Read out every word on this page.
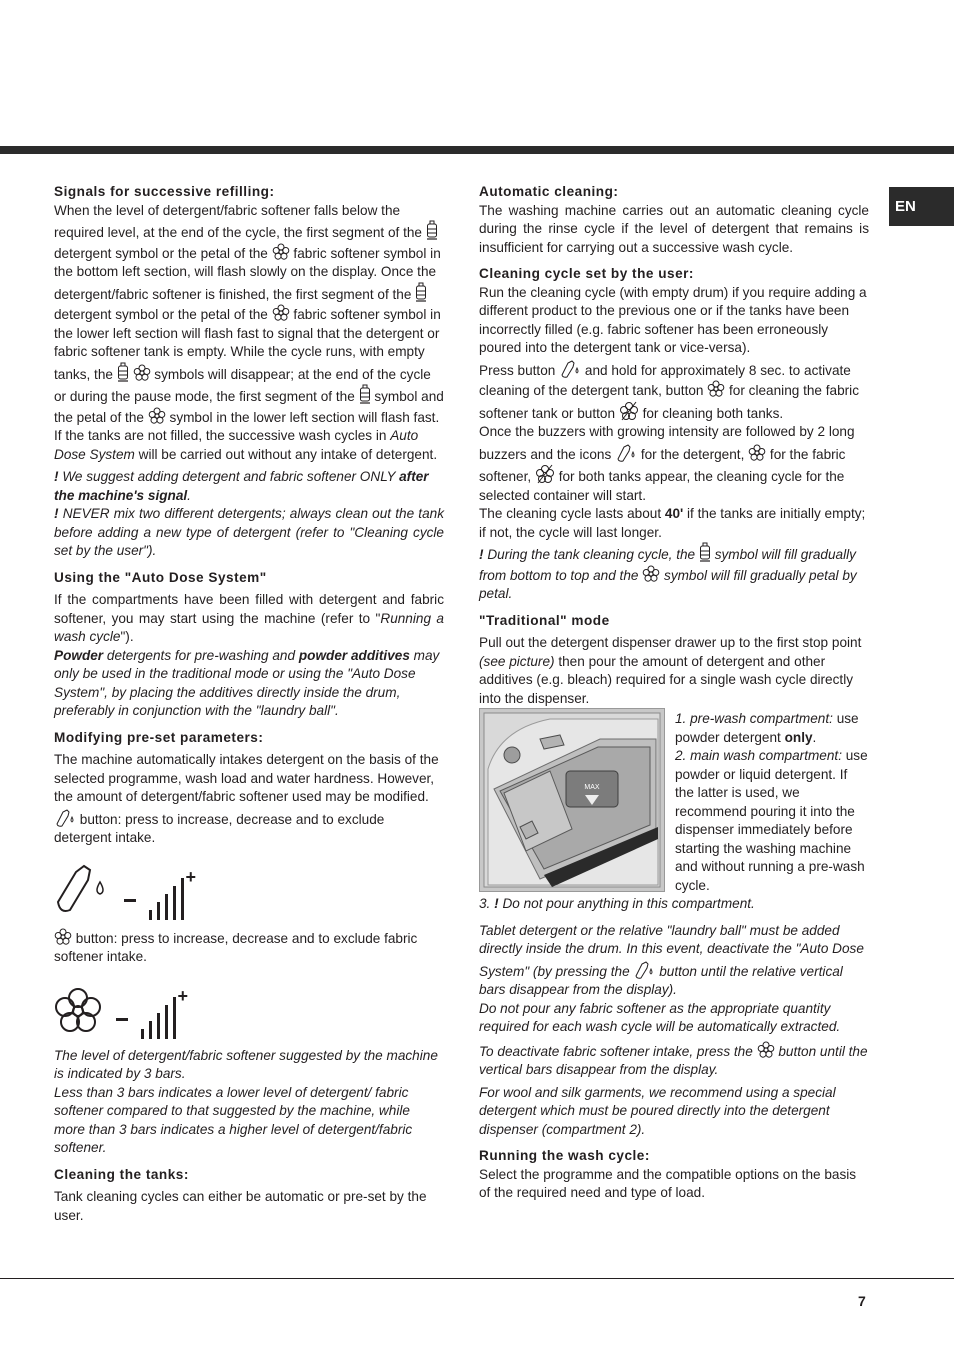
EN
Signals for successive refilling:

When the level of detergent/fabric softener falls below the required level, at the end of the cycle, the first segment of the
detergent symbol or the petal of the fabric softener symbol in the bottom left section, will flash slowly on the display. Once the detergent/fabric softener is finished, the first segment of the
detergent symbol or the petal of the fabric softener symbol in the lower left section will flash fast to signal that the detergent or fabric softener tank is empty. While the cycle runs, with empty tanks, the
	symbols will disappear; at the end of the cycle or during the pause mode, the first segment of the symbol and the petal of the symbol in the lower left section will flash fast. If the tanks are not filled, the successive wash cycles in Auto Dose System will be carried out without any intake of detergent.

! We suggest adding detergent and fabric softener ONLY after the machine's signal.

! NEVER mix two different detergents; always clean out the tank before adding a new type of detergent (refer to "Cleaning cycle set by the user").

Using the "Auto Dose System"

If the compartments have been filled with detergent and fabric softener, you may start using the machine (refer to "Running a wash cycle").

Powder detergents for pre-washing and powder additives may only be used in the traditional mode or using the "Auto Dose System", by placing the additives directly inside the drum, preferably in conjunction with the "laundry ball".

Modifying pre-set parameters:

The machine automatically intakes detergent on the basis of the selected programme, wash load and water hardness. However, the amount of detergent/fabric softener used may be modified.

button: press to increase, decrease and to exclude detergent intake.

+

button: press to increase, decrease and to exclude fabric softener intake.

+

The level of detergent/fabric softener suggested by the machine is indicated by 3 bars.

Less than 3 bars indicates a lower level of detergent/ fabric softener compared to that suggested by the machine, while more than 3 bars indicates a higher level of detergent/fabric softener.

Cleaning the tanks:

Tank cleaning cycles can either be automatic or pre-set by the user.

Automatic cleaning:

The washing machine carries out an automatic cleaning cycle during the rinse cycle if the level of detergent that remains is insufficient for carrying out a successive wash cycle.

Cleaning cycle set by the user:

Run the cleaning cycle (with empty drum) if you require adding a different product to the previous one or if the tanks have been incorrectly filled (e.g. fabric softener has been erroneously poured into the detergent tank or vice-versa).

Press button and hold for approximately 8 sec. to activate cleaning of the detergent tank, button for cleaning the fabric softener tank or button for cleaning both tanks.

Once the buzzers with growing intensity are followed by 2 long buzzers and the icons for the detergent, for the fabric softener, for both tanks appear, the cleaning cycle for the selected container will start.

The cleaning cycle lasts about 40' if the tanks are initially empty; if not, the cycle will last longer.

! During the tank cleaning cycle, the symbol will fill gradually from bottom to top and the symbol will fill gradually petal by petal.

"Traditional" mode

Pull out the detergent dispenser drawer up to the first stop point (see picture) then pour the amount of detergent and other additives (e.g. bleach) required for a single wash cycle directly into the dispenser.

MAX

1. pre-wash compartment: use powder detergent only.

2. main wash compartment: use powder or liquid detergent. If the latter is used, we recommend pouring it into the dispenser immediately before starting the washing machine and without running a pre-wash cycle.

3. ! Do not pour anything in this compartment.

Tablet detergent or the relative "laundry ball" must be added directly inside the drum. In this event, deactivate the "Auto Dose System" (by pressing the button until the relative vertical bars disappear from the display).

Do not pour any fabric softener as the appropriate quantity required for each wash cycle will be automatically extracted.

To deactivate fabric softener intake, press the button until the vertical bars disappear from the display.

For wool and silk garments, we recommend using a special detergent which must be poured directly into the detergent dispenser (compartment 2).

Running the wash cycle:

Select the programme and the compatible options on the basis of the required need and type of load.

7
